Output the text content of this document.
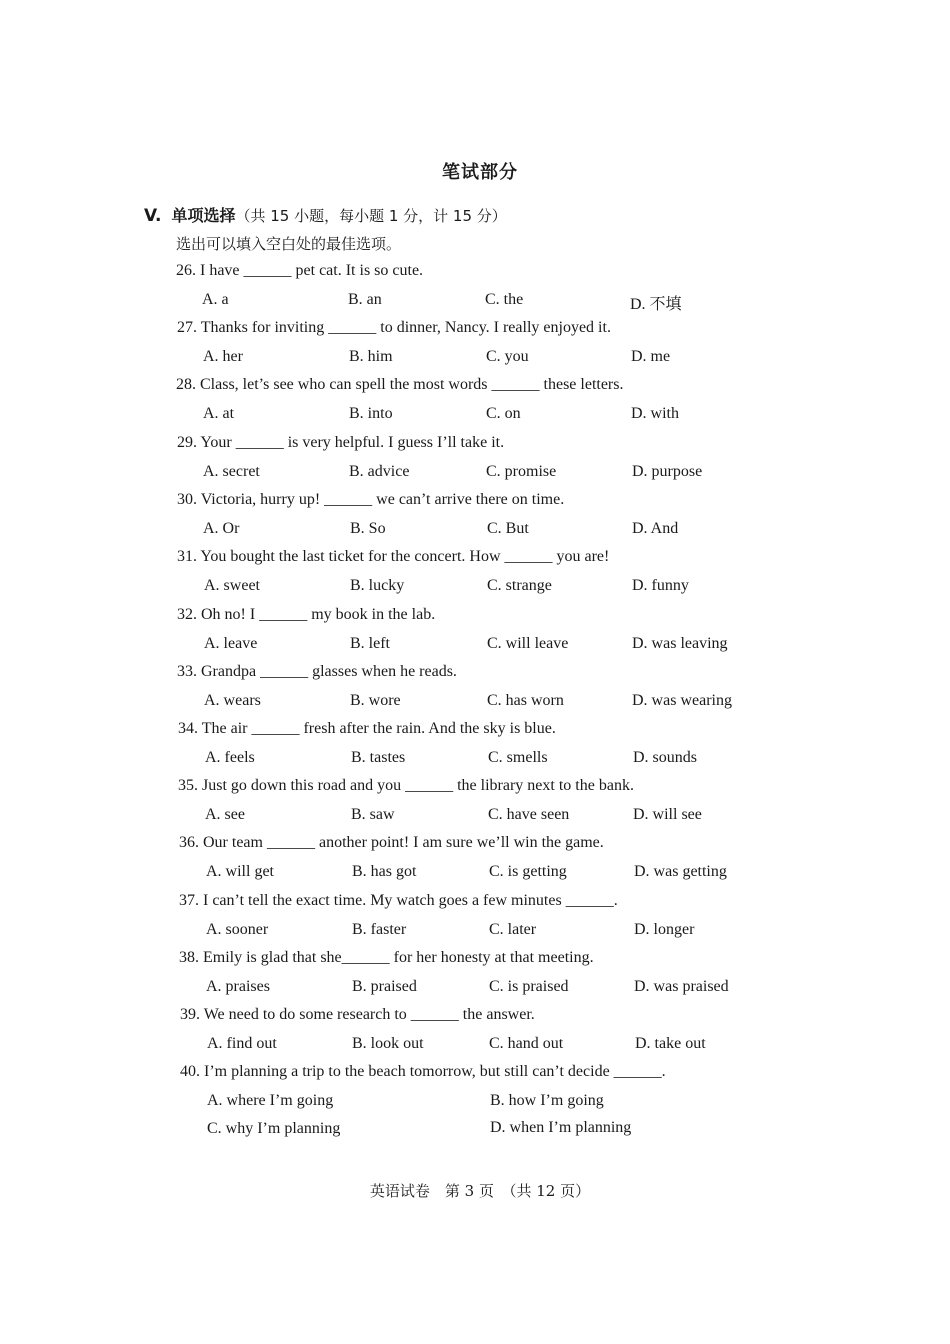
笔试部分
V. 单项选择（共 15 小题，每小题 1 分，计 15 分）
选出可以填入空白处的最佳选项。
26. I have ______ pet cat. It is so cute.
A. a	B. an	C. the	D. 不填
27. Thanks for inviting ______ to dinner, Nancy. I really enjoyed it.
A. her	B. him	C. you	D. me
28. Class, let’s see who can spell the most words ______ these letters.
A. at	B. into	C. on	D. with
29. Your ______ is very helpful. I guess I’ll take it.
A. secret	B. advice	C. promise	D. purpose
30. Victoria, hurry up! ______ we can’t arrive there on time.
A. Or	B. So	C. But	D. And
31. You bought the last ticket for the concert. How ______ you are!
A. sweet	B. lucky	C. strange	D. funny
32. Oh no! I ______ my book in the lab.
A. leave	B. left	C. will leave	D. was leaving
33. Grandpa ______ glasses when he reads.
A. wears	B. wore	C. has worn	D. was wearing
34. The air ______ fresh after the rain. And the sky is blue.
A. feels	B. tastes	C. smells	D. sounds
35. Just go down this road and you ______ the library next to the bank.
A. see	B. saw	C. have seen	D. will see
36. Our team ______ another point! I am sure we’ll win the game.
A. will get	B. has got	C. is getting	D. was getting
37. I can’t tell the exact time. My watch goes a few minutes ______.
A. sooner	B. faster	C. later	D. longer
38. Emily is glad that she______ for her honesty at that meeting.
A. praises	B. praised	C. is praised	D. was praised
39. We need to do some research to ______ the answer.
A. find out	B. look out	C. hand out	D. take out
40. I’m planning a trip to the beach tomorrow, but still can’t decide ______.
A. where I’m going	B. how I’m going
C. why I’m planning	D. when I’m planning
英语试卷　第 3 页　（共 12 页）
